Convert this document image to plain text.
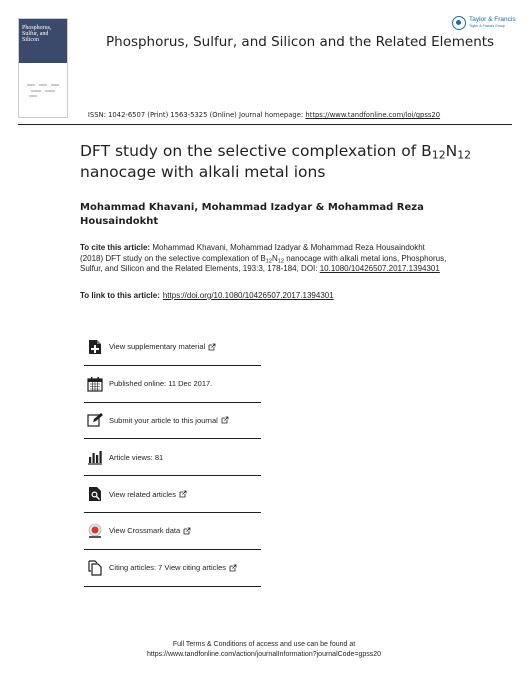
Phosphorus, Sulfur, and Silicon	Phosphorus, Sulfur, and Silicon and the Related Elements
Taylor & Francis
Taylor & Francis Group
ISSN: 1042-6507 (Print) 1563-5325 (Online) Journal homepage: https://www.tandfonline.com/loi/gpss20
DFT study on the selective complexation of $B_{12}N_{12}$ nanocage with alkali metal ions
Mohammad Khavani, Mohammad Izadyar & Mohammad Reza Housaindokht
To cite this article: Mohammad Khavani, Mohammad Izadyar & Mohammad Reza Housaindokht (2018) DFT study on the selective complexation of $B_{12}N_{12}$ nanocage with alkali metal ions, Phosphorus, Sulfur, and Silicon and the Related Elements, 193:3, 178-184, DOI: 10.1080/10426507.2017.1394301
To link to this article: https://doi.org/10.1080/10426507.2017.1394301
View supplementary material
Published online: 11 Dec 2017.
Submit your article to this journal
Article views: 81
View related articles
View Crossmark data
Citing articles: 7 View citing articles
Full Terms & Conditions of access and use can be found at
https://www.tandfonline.com/action/journalInformation?journalCode=gpss20
